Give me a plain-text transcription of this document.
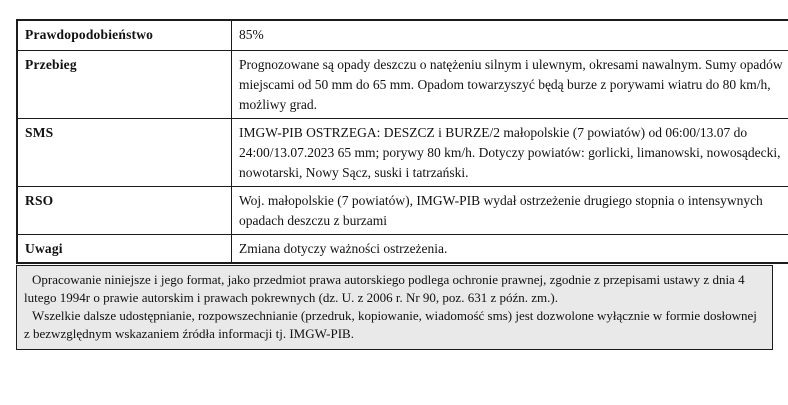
Prawdopodobieństwo	85%
Przebieg	Prognozowane są opady deszczu o natężeniu silnym i ulewnym, okresami nawalnym. Sumy opadów miejscami od 50 mm do 65 mm. Opadom towarzyszyć będą burze z porywami wiatru do 80 km/h, możliwy grad.
SMS	IMGW-PIB OSTRZEGA: DESZCZ i BURZE/2 małopolskie (7 powiatów) od 06:00/13.07 do 24:00/13.07.2023 65 mm; porywy 80 km/h. Dotyczy powiatów: gorlicki, limanowski, nowosądecki, nowotarski, Nowy Sącz, suski i tatrzański.
RSO	Woj. małopolskie (7 powiatów), IMGW-PIB wydał ostrzeżenie drugiego stopnia o intensywnych opadach deszczu z burzami
Uwagi	Zmiana dotyczy ważności ostrzeżenia.

Opracowanie niniejsze i jego format, jako przedmiot prawa autorskiego podlega ochronie prawnej, zgodnie z przepisami ustawy z dnia 4 lutego 1994r o prawie autorskim i prawach pokrewnych (dz. U. z 2006 r. Nr 90, poz. 631 z późn. zm.).

Wszelkie dalsze udostępnianie, rozpowszechnianie (przedruk, kopiowanie, wiadomość sms) jest dozwolone wyłącznie w formie dosłownej z bezwzględnym wskazaniem źródła informacji tj. IMGW-PIB.
